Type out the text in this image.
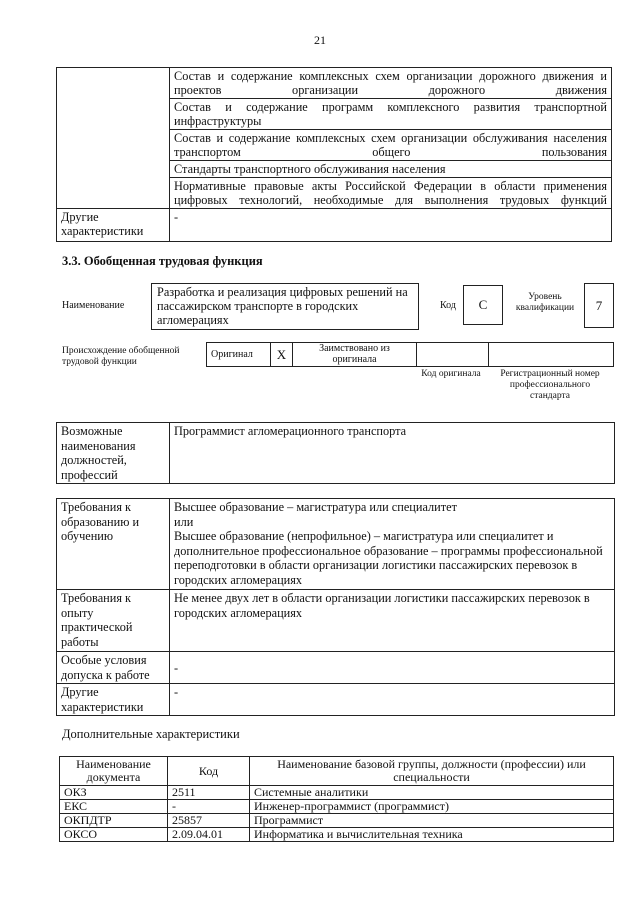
21
	Состав и содержание комплексных схем организации дорожного движения и проектов организации дорожного движения
	Состав и содержание программ комплексного развития транспортной инфраструктуры
	Состав и содержание комплексных схем организации обслуживания населения транспортом общего пользования
	Стандарты транспортного обслуживания населения
	Нормативные правовые акты Российской Федерации в области применения цифровых технологий, необходимые для выполнения трудовых функций
Другие характеристики	-
3.3. Обобщенная трудовая функция
Наименование
Разработка и реализация цифровых решений на пассажирском транспорте в городских агломерациях
Код С	Уровень квалификации	7
Происхождение обобщенной трудовой функции
Оригинал	Х	Заимствовано из оригинала		
Код оригинала	Регистрационный номер профессионального стандарта
Возможные наименования должностей, профессий	Программист агломерационного транспорта
Требования к образованию и обучению	Высшее образование – магистратура или специалитет
или
Высшее образование (непрофильное) – магистратура или специалитет и дополнительное профессиональное образование – программы профессиональной переподготовки в области организации логистики пассажирских перевозок в городских агломерациях

Требования к опыту практической работы	Не менее двух лет в области организации логистики пассажирских перевозок в городских агломерациях

Особые условия допуска к работе	-

Другие характеристики	-
Дополнительные характеристики
Наименование документа	Код	Наименование базовой группы, должности (профессии) или специальности
ОКЗ	2511	Системные аналитики
ЕКС	-	Инженер-программист (программист)
ОКПДТР	25857	Программист
ОКСО	2.09.04.01	Информатика и вычислительная техника
